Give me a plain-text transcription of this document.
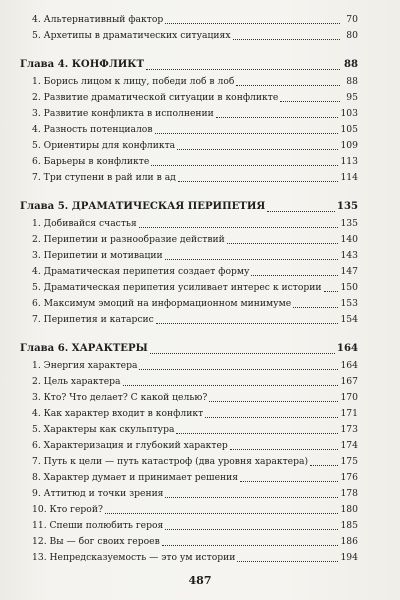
4. Альтернативный фактор	70
5. Архетипы в драматических ситуациях	80
Глава 4. КОНФЛИКТ	88
1. Борись лицом к лицу, победи лоб в лоб	88
2. Развитие драматической ситуации в конфликте	95
3. Развитие конфликта в исполнении	103
4. Разность потенциалов	105
5. Ориентиры для конфликта	109
6. Барьеры в конфликте	113
7. Три ступени в рай или в ад	114
Глава 5. ДРАМАТИЧЕСКАЯ ПЕРИПЕТИЯ	135
1. Добивайся счастья	135
2. Перипетии и разнообразие действий	140
3. Перипетии и мотивации	143
4. Драматическая перипетия создает форму	147
5. Драматическая перипетия усиливает интерес к истории 150
6. Максимум эмоций на информационном минимуме	153
7. Перипетия и катарсис	154
Глава 6. ХАРАКТЕРЫ	164
1. Энергия характера	164
2. Цель характера	167
3. Кто? Что делает? С какой целью?	170
4. Как характер входит в конфликт	171
5. Характеры как скульптура	173
6. Характеризация и глубокий характер	174
7. Путь к цели — путь катастроф (два уровня характера)	175
8. Характер думает и принимает решения	176
9. Аттитюд и точки зрения	178
10. Кто герой?	180
11. Спеши полюбить героя	185
12. Вы — бог своих героев	186
13. Непредсказуемость — это ум истории	194
487
